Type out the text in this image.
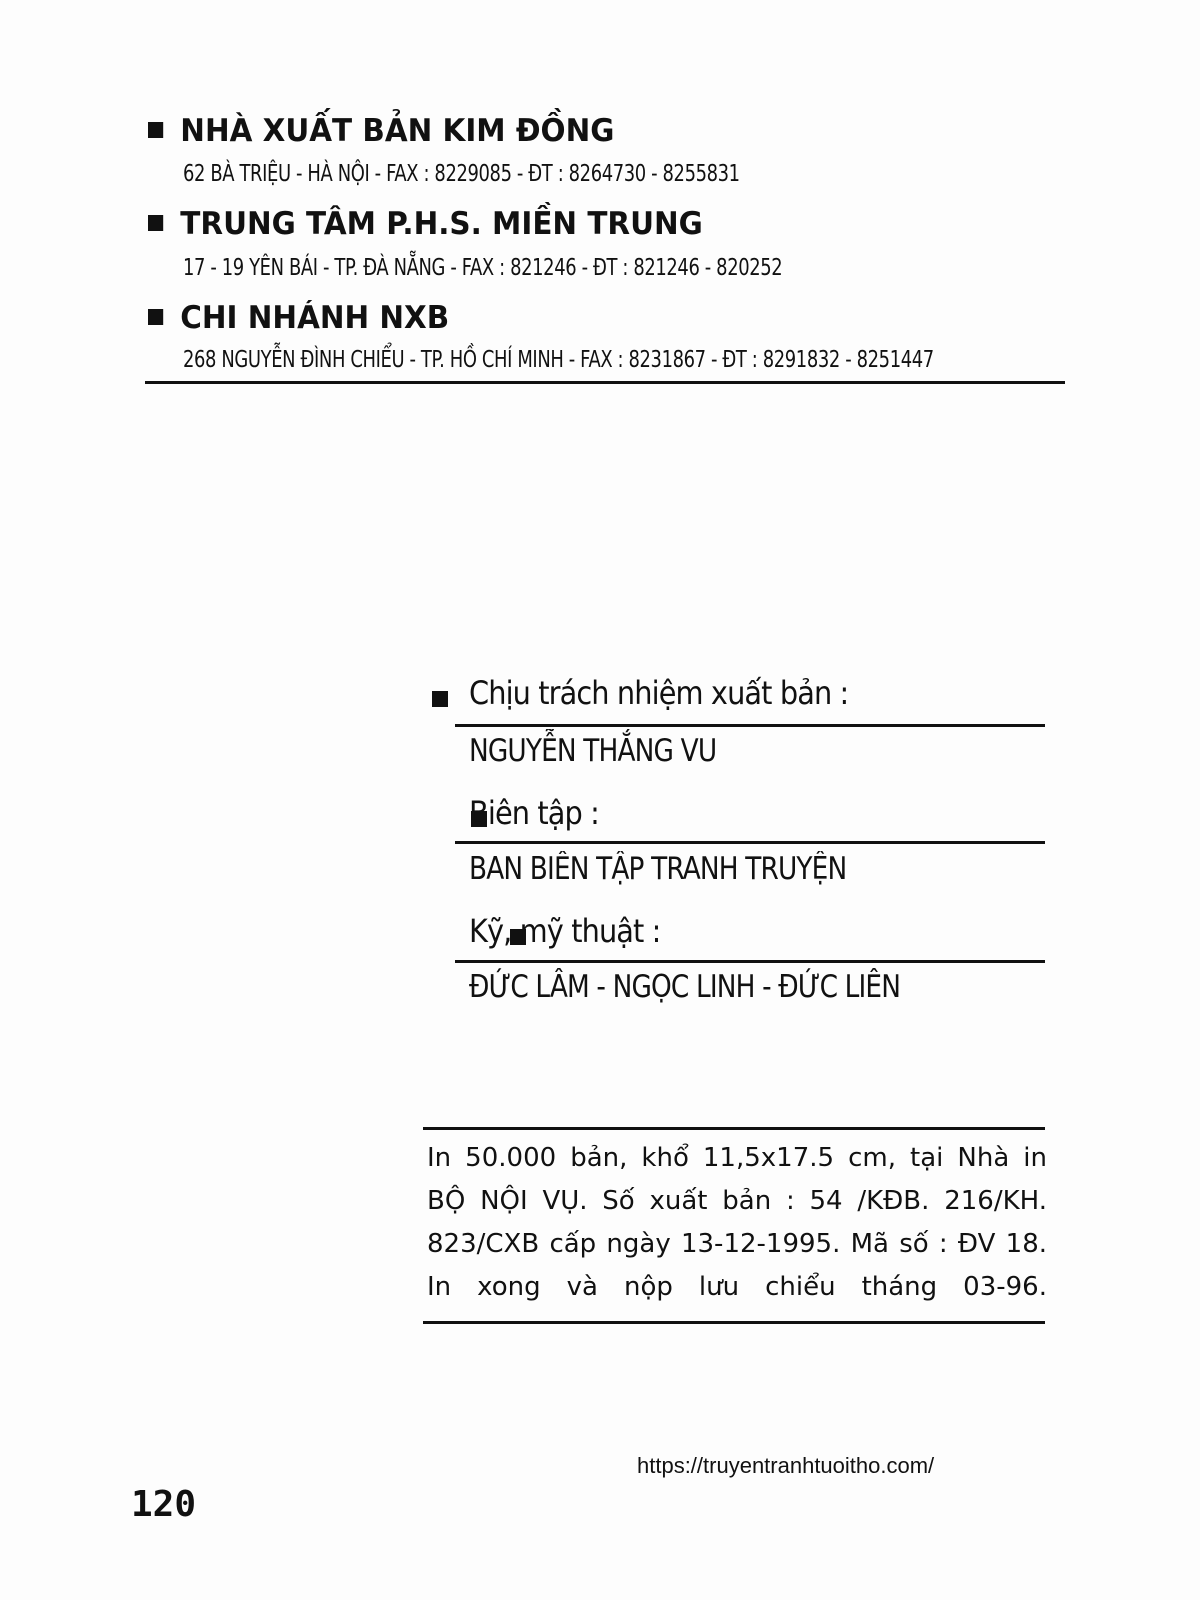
NHÀ XUẤT BẢN KIM ĐỒNG
62 BÀ TRIỆU - HÀ NỘI - FAX : 8229085 - ĐT : 8264730 - 8255831
TRUNG TÂM P.H.S. MIỀN TRUNG
17 - 19 YÊN BÁI - TP. ĐÀ NẴNG - FAX : 821246 - ĐT : 821246 - 820252
CHI NHÁNH NXB
268 NGUYỄN ĐÌNH CHIỂU - TP. HỒ CHÍ MINH - FAX : 8231867 - ĐT : 8291832 - 8251447

Chịu trách nhiệm xuất bản :
NGUYỄN THẮNG VU

Biên tập :
BAN BIÊN TẬP TRANH TRUYỆN
Kỹ, mỹ thuật :
ĐỨC LÂM - NGỌC LINH - ĐỨC LIÊN
In 50.000 bản, khổ 11,5x17.5 cm, tại Nhà in
BỘ NỘI VỤ. Số xuất bản : 54 /KĐB. 216/KH.
823/CXB cấp ngày 13-12-1995. Mã số : ĐV 18.
In xong và nộp lưu chiểu tháng 03-96.
https://truyentranhtuoitho.com/
120
